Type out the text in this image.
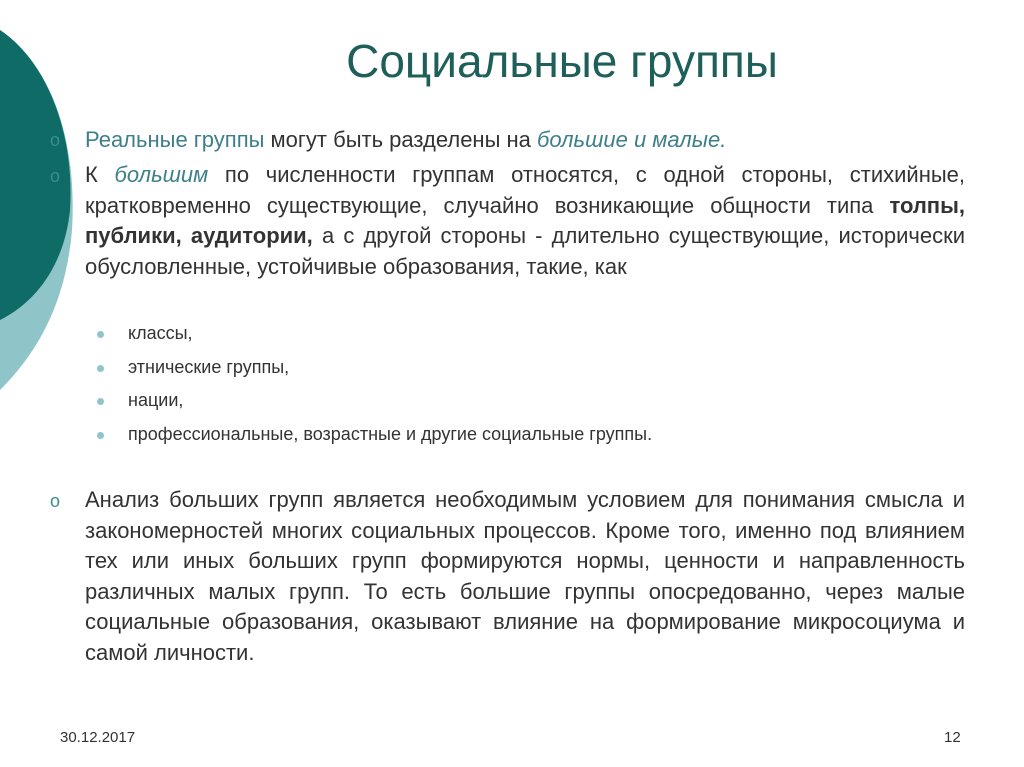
Социальные группы
o Реальные группы могут быть разделены на большие и малые.
o К большим по численности группам относятся, с одной стороны, стихийные, кратковременно существующие, случайно возникающие общности типа толпы, публики, аудитории, а с другой стороны - длительно существующие, исторически обусловленные, устойчивые образования, такие, как
классы,
этнические группы,
нации,
профессиональные, возрастные и другие социальные группы.
o Анализ больших групп является необходимым условием для понимания смысла и закономерностей многих социальных процессов. Кроме того, именно под влиянием тех или иных больших групп формируются нормы, ценности и направленность различных малых групп. То есть большие группы опосредованно, через малые социальные образования, оказывают влияние на формирование микросоциума и самой личности.
30.12.2017	12
